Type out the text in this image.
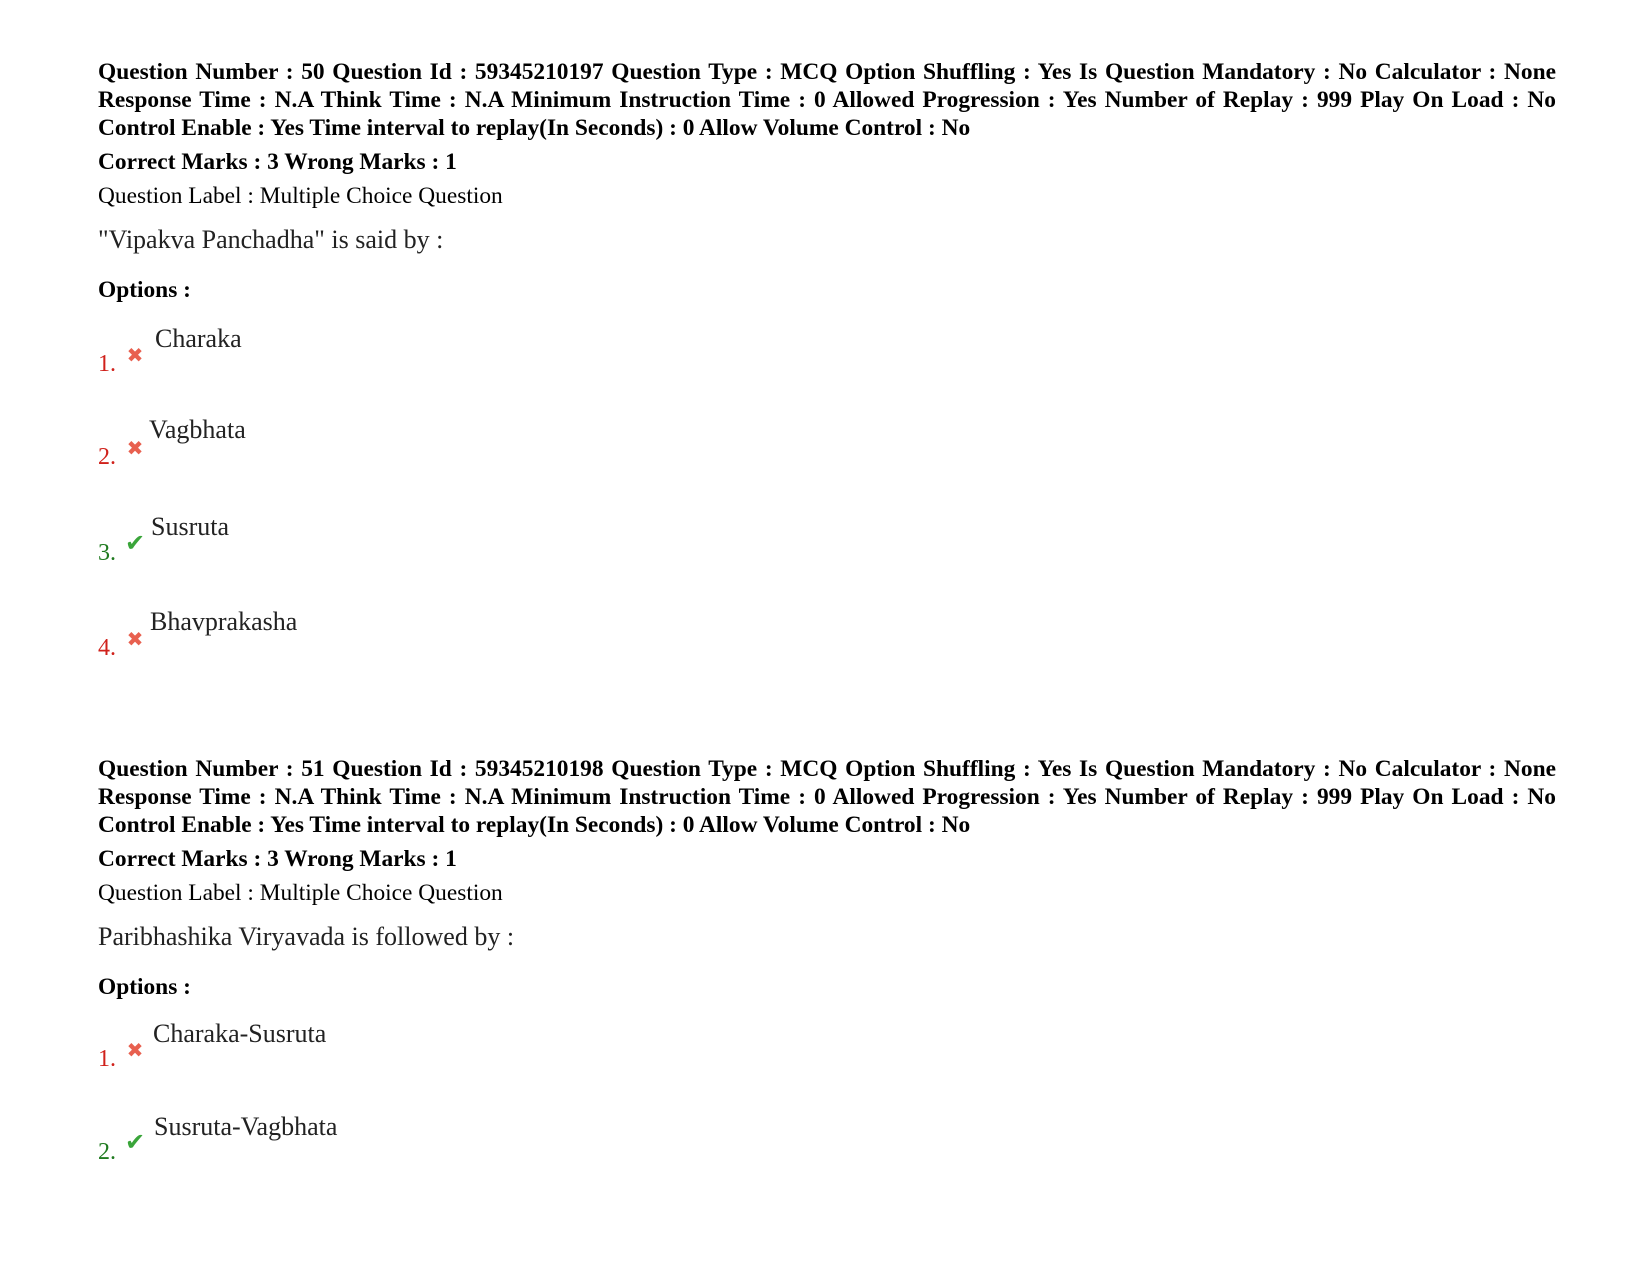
Question Number : 50 Question Id : 59345210197 Question Type : MCQ Option Shuffling : Yes Is Question Mandatory : No Calculator : None Response Time : N.A Think Time : N.A Minimum Instruction Time : 0 Allowed Progression : Yes Number of Replay : 999 Play On Load : No Control Enable : Yes Time interval to replay(In Seconds) : 0 Allow Volume Control : No

Correct Marks : 3 Wrong Marks : 1
Question Label : Multiple Choice Question
"Vipakva Panchadha" is said by :
Options :
1. ✖
Charaka
2. ✖
Vagbhata
3. ✔
Susruta
4. ✖
Bhavprakasha

Question Number : 51 Question Id : 59345210198 Question Type : MCQ Option Shuffling : Yes Is Question Mandatory : No Calculator : None Response Time : N.A Think Time : N.A Minimum Instruction Time : 0 Allowed Progression : Yes Number of Replay : 999 Play On Load : No Control Enable : Yes Time interval to replay(In Seconds) : 0 Allow Volume Control : No

Correct Marks : 3 Wrong Marks : 1
Question Label : Multiple Choice Question
Paribhashika Viryavada is followed by :
Options :
1. ✖
Charaka-Susruta
2. ✔
Susruta-Vagbhata
